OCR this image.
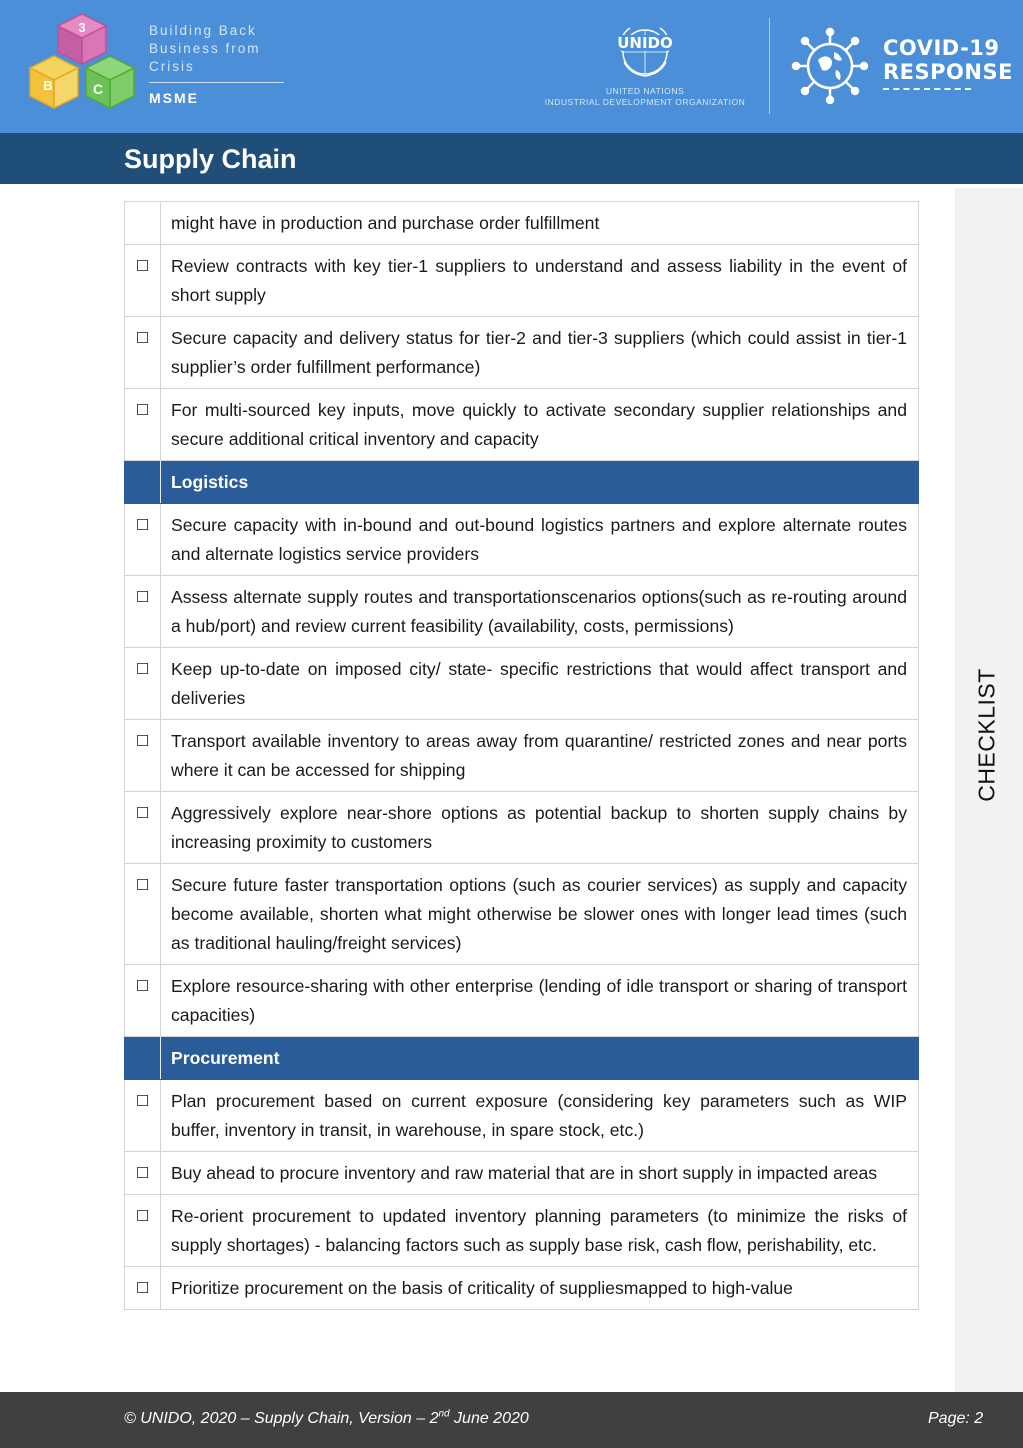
3
B	C
Building Back
Business from
Crisis
MSME
UNIDO
UNITED NATIONS
INDUSTRIAL DEVELOPMENT ORGANIZATION
COVID-19
RESPONSE
Supply Chain
CHECKLIST
	might have in production and purchase order fulfillment
☐	Review contracts with key tier-1 suppliers to understand and assess liability in the event of short supply
☐	Secure capacity and delivery status for tier-2 and tier-3 suppliers (which could assist in tier-1 supplier’s order fulfillment performance)
☐	For multi-sourced key inputs, move quickly to activate secondary supplier relationships and secure additional critical inventory and capacity
	Logistics
☐	Secure capacity with in-bound and out-bound logistics partners and explore alternate routes and alternate logistics service providers
☐	Assess alternate supply routes and transportationscenarios options(such as re-routing around a hub/port) and review current feasibility (availability, costs, permissions)
☐	Keep up-to-date on imposed city/ state- specific restrictions that would affect transport and deliveries
☐	Transport available inventory to areas away from quarantine/ restricted zones and near ports where it can be accessed for shipping
☐	Aggressively explore near-shore options as potential backup to shorten supply chains by increasing proximity to customers
☐	Secure future faster transportation options (such as courier services) as supply and capacity become available, shorten what might otherwise be slower ones with longer lead times (such as traditional hauling/freight services)
☐	Explore resource-sharing with other enterprise (lending of idle transport or sharing of transport capacities)
	Procurement
☐	Plan procurement based on current exposure (considering key parameters such as WIP buffer, inventory in transit, in warehouse, in spare stock, etc.)
☐	Buy ahead to procure inventory and raw material that are in short supply in impacted areas
☐	Re-orient procurement to updated inventory planning parameters (to minimize the risks of supply shortages) - balancing factors such as supply base risk, cash flow, perishability, etc.
☐	Prioritize procurement on the basis of criticality of suppliesmapped to high-value
© UNIDO, 2020 – Supply Chain, Version – 2nd June 2020	Page: 2
